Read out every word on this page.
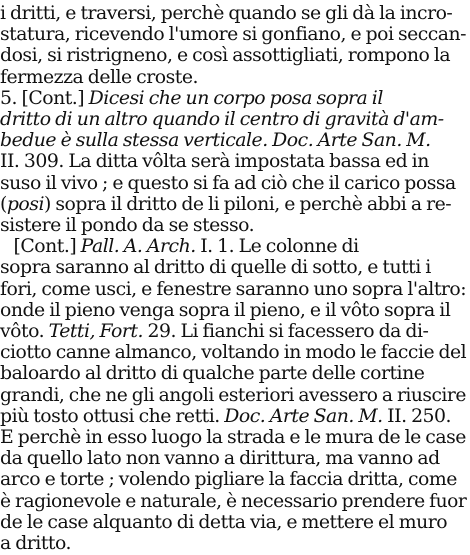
i dritti, e traversi, perchè quando se gli dà la incro-
statura, ricevendo l'umore si gonfiano, e poi seccan-
dosi, si ristrigneno, e così assottigliati, rompono la
fermezza delle croste.
5. [Cont.] Dicesi che un corpo posa sopra il
dritto di un altro quando il centro di gravità d'am-
bedue è sulla stessa verticale. Doc. Arte San. M.
II. 309. La ditta vôlta serà impostata bassa ed in
suso il vivo ; e questo si fa ad ciò che il carico possa
(posi) sopra il dritto de li piloni, e perchè abbi a re-
sistere il pondo da se stesso.
[Cont.] Pall. A. Arch. I. 1. Le colonne di
sopra saranno al dritto di quelle di sotto, e tutti i
fori, come usci, e fenestre saranno uno sopra l'altro:
onde il pieno venga sopra il pieno, e il vôto sopra il
vôto. Tetti, Fort. 29. Li fianchi si facessero da di-
ciotto canne almanco, voltando in modo le faccie del
baloardo al dritto di qualche parte delle cortine
grandi, che ne gli angoli esteriori avessero a riuscire
più tosto ottusi che retti. Doc. Arte San. M. II. 250.
E perchè in esso luogo la strada e le mura de le case
da quello lato non vanno a dirittura, ma vanno ad
arco e torte ; volendo pigliare la faccia dritta, come
è ragionevole e naturale, è necessario prendere fuor
de le case alquanto di detta via, e mettere el muro
a dritto.
